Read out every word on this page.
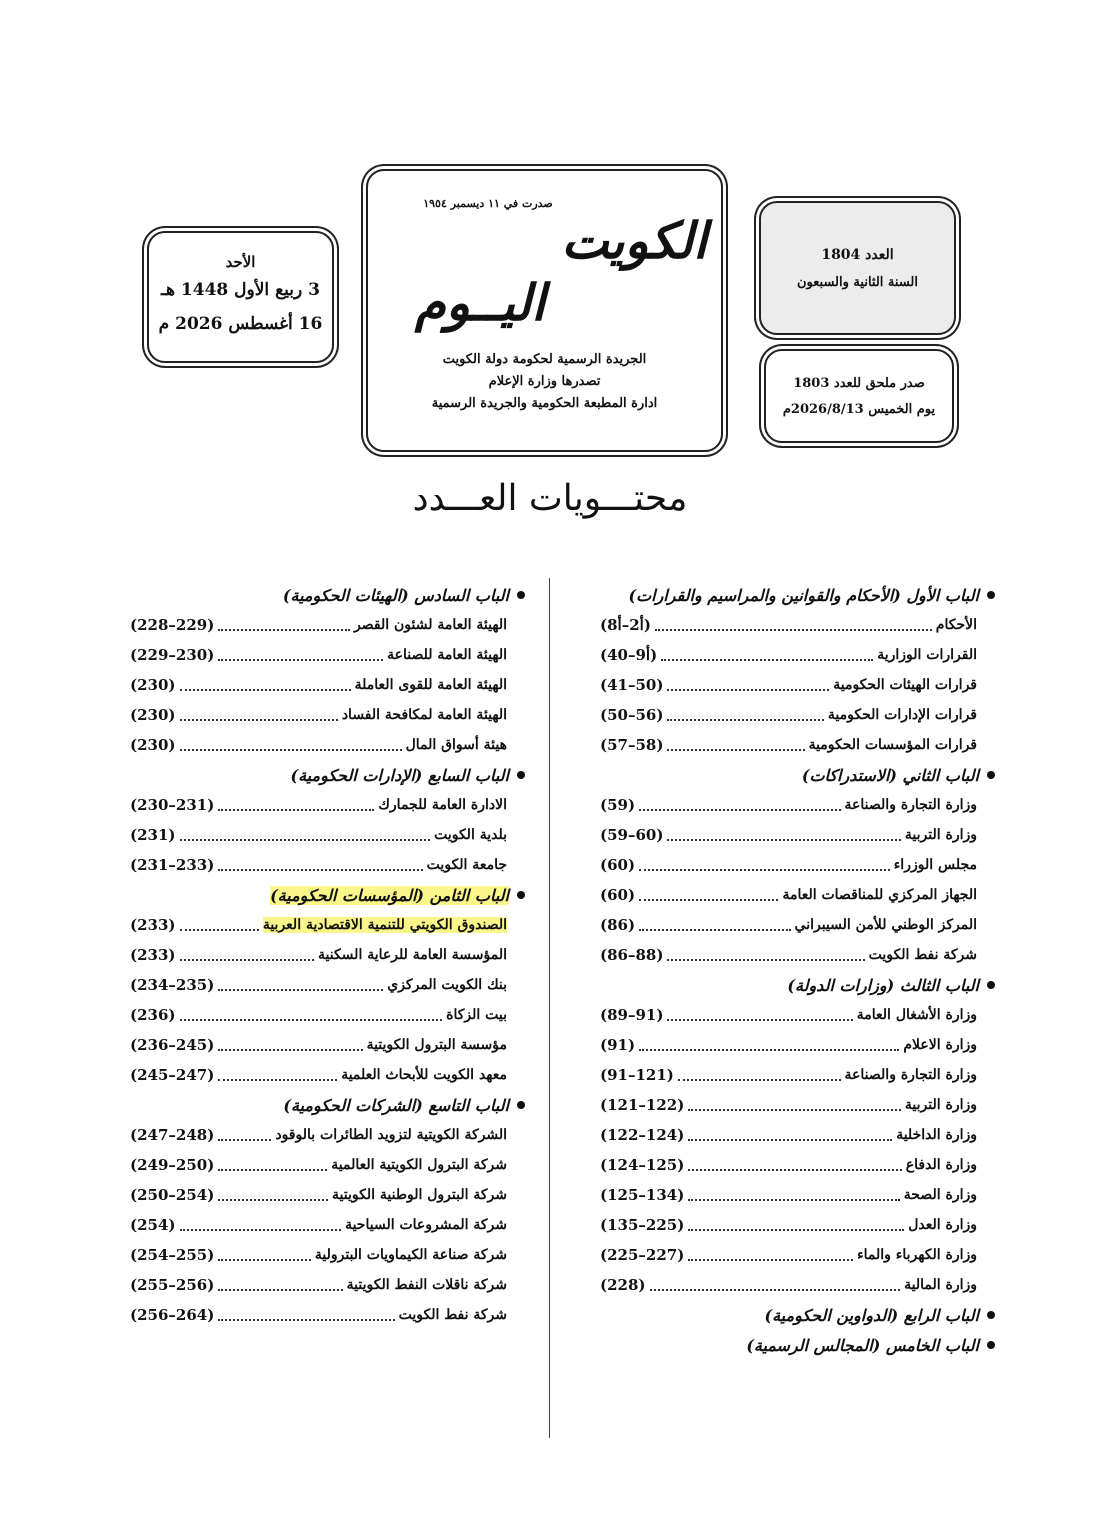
الأحد
3 ربيع الأول 1448 هـ
16 أغسطس 2026 م
صدرت في ١١ ديسمبر ١٩٥٤
الكويت
اليــوم
الجريدة الرسمية لحكومة دولة الكويت
تصدرها وزارة الإعلام
ادارة المطبعة الحكومية والجريدة الرسمية
العدد 1804
السنة الثانية والسبعون
صدر ملحق للعدد 1803
يوم الخميس 2026/8/13م
محتـــويات العـــدد
الباب الأول (الأحكام والقوانين والمراسيم والقرارات)
الأحكام
(أ2–أ8)
القرارات الوزارية
(أ9–40)
قرارات الهيئات الحكومية
(41–50)
قرارات الإدارات الحكومية
(50–56)
قرارات المؤسسات الحكومية
(57–58)
الباب الثاني (الاستدراكات)
وزارة التجارة والصناعة
(59)
وزارة التربية
(59–60)
مجلس الوزراء
(60)
الجهاز المركزي للمناقصات العامة
(60)
المركز الوطني للأمن السيبراني
(86)
شركة نفط الكويت
(86–88)
الباب الثالث (وزارات الدولة)
وزارة الأشغال العامة
(89–91)
وزارة الاعلام
(91)
وزارة التجارة والصناعة
(91–121)
وزارة التربية
(121–122)
وزارة الداخلية
(122–124)
وزارة الدفاع
(124–125)
وزارة الصحة
(125–134)
وزارة العدل
(135–225)
وزارة الكهرباء والماء
(225–227)
وزارة المالية
(228)
الباب الرابع (الدواوين الحكومية)
الباب الخامس (المجالس الرسمية)
الباب السادس (الهيئات الحكومية)
الهيئة العامة لشئون القصر
(228–229)
الهيئة العامة للصناعة
(229–230)
الهيئة العامة للقوى العاملة
(230)
الهيئة العامة لمكافحة الفساد
(230)
هيئة أسواق المال
(230)
الباب السابع (الإدارات الحكومية)
الادارة العامة للجمارك
(230–231)
بلدية الكويت
(231)
جامعة الكويت
(231–233)
الباب الثامن (المؤسسات الحكومية)
الصندوق الكويتي للتنمية الاقتصادية العربية
(233)
المؤسسة العامة للرعاية السكنية
(233)
بنك الكويت المركزي
(234–235)
بيت الزكاة
(236)
مؤسسة البترول الكويتية
(236–245)
معهد الكويت للأبحاث العلمية
(245–247)
الباب التاسع (الشركات الحكومية)
الشركة الكويتية لتزويد الطائرات بالوقود
(247–248)
شركة البترول الكويتية العالمية
(249–250)
شركة البترول الوطنية الكويتية
(250–254)
شركة المشروعات السياحية
(254)
شركة صناعة الكيماويات البترولية
(254–255)
شركة ناقلات النفط الكويتية
(255–256)
شركة نفط الكويت
(256–264)
